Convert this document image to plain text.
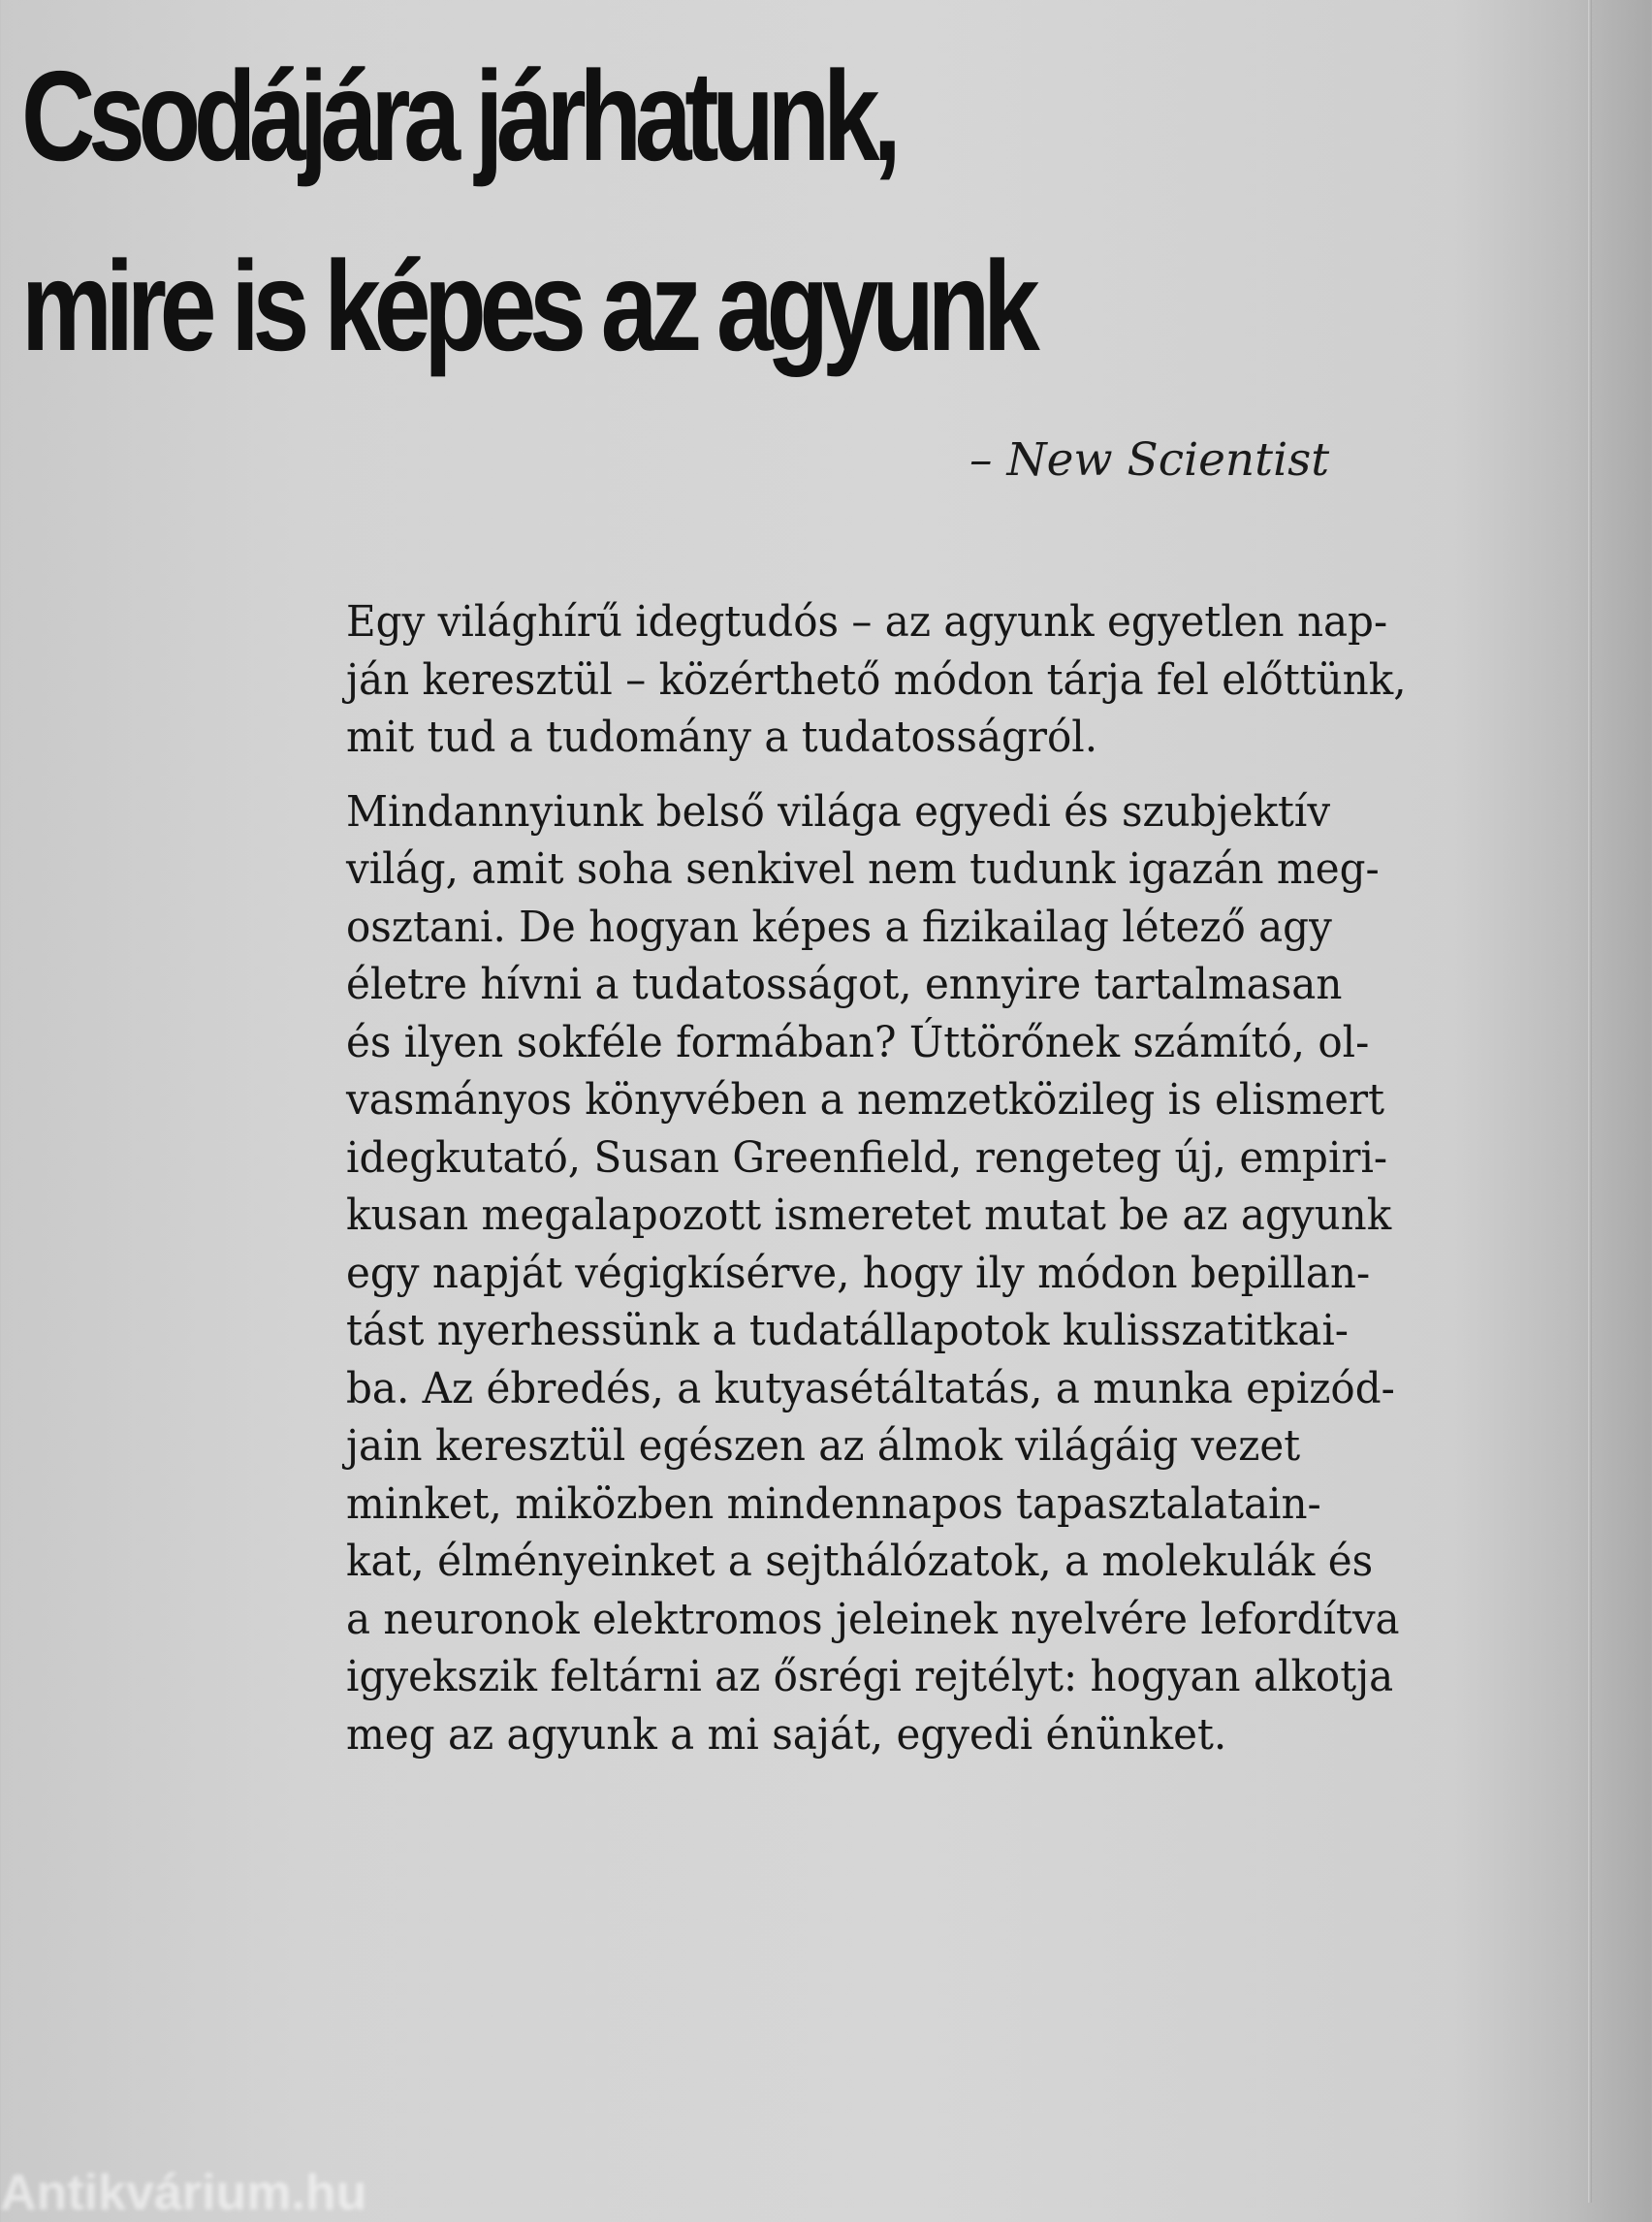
Csodájára járhatunk,
mire is képes az agyunk
– New Scientist

Egy világhírű idegtudós – az agyunk egyetlen nap-
ján keresztül – közérthető módon tárja fel előttünk,
mit tud a tudomány a tudatosságról.

Mindannyiunk belső világa egyedi és szubjektív
világ, amit soha senkivel nem tudunk igazán meg-
osztani. De hogyan képes a fizikailag létező agy
életre hívni a tudatosságot, ennyire tartalmasan
és ilyen sokféle formában? Úttörőnek számító, ol-
vasmányos könyvében a nemzetközileg is elismert
idegkutató, Susan Greenfield, rengeteg új, empiri-
kusan megalapozott ismeretet mutat be az agyunk
egy napját végigkísérve, hogy ily módon bepillan-
tást nyerhessünk a tudatállapotok kulisszatitkai-
ba. Az ébredés, a kutyasétáltatás, a munka epizód-
jain keresztül egészen az álmok világáig vezet
minket, miközben mindennapos tapasztalatain-
kat, élményeinket a sejthálózatok, a molekulák és
a neuronok elektromos jeleinek nyelvére lefordítva
igyekszik feltárni az ősrégi rejtélyt: hogyan alkotja
meg az agyunk a mi saját, egyedi énünket.

Antikvárium.hu
